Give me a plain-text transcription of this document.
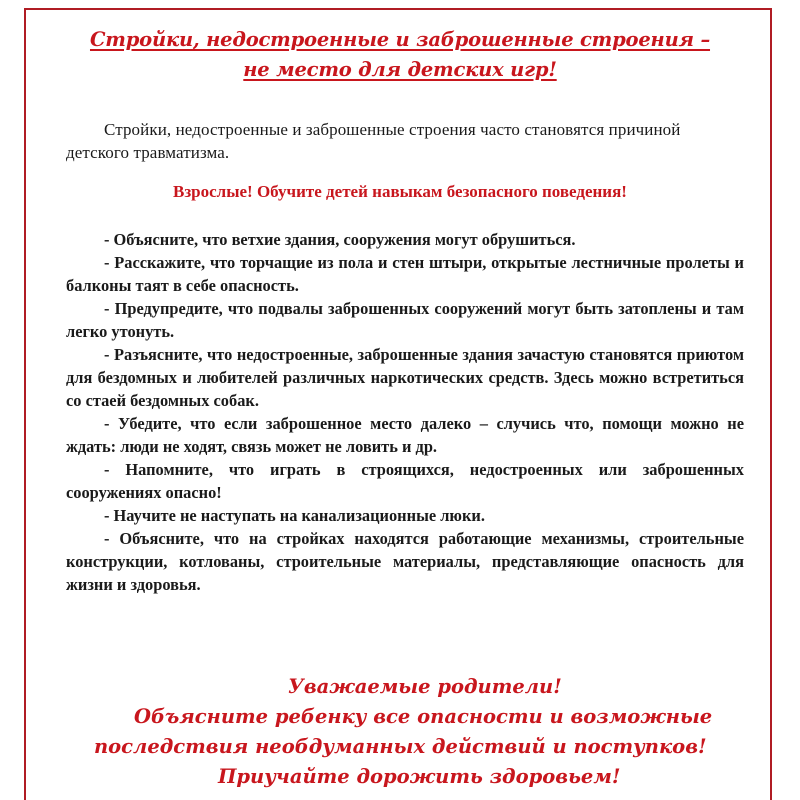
Стройки, недостроенные и заброшенные строения –
не место для детских игр!

Стройки, недостроенные и заброшенные строения часто становятся причиной детского травматизма.

Взрослые! Обучите детей навыкам безопасного поведения!

- Объясните, что ветхие здания, сооружения могут обрушиться.

- Расскажите, что торчащие из пола и стен штыри, открытые лестничные пролеты и балконы таят в себе опасность.

- Предупредите, что подвалы заброшенных сооружений могут быть затоплены и там легко утонуть.

- Разъясните, что недостроенные, заброшенные здания зачастую становятся приютом для бездомных и любителей различных наркотических средств. Здесь можно встретиться со стаей бездомных собак.

- Убедите, что если заброшенное место далеко – случись что, помощи можно не ждать: люди не ходят, связь может не ловить и др.

- Напомните, что играть в строящихся, недостроенных или заброшенных сооружениях опасно!

- Научите не наступать на канализационные люки.

- Объясните, что на стройках находятся работающие механизмы, строительные конструкции, котлованы, строительные материалы, представляющие опасность для жизни и здоровья.

Уважаемые родители!
Объясните ребенку все опасности и возможные
последствия необдуманных действий и поступков!
Приучайте дорожить здоровьем!
